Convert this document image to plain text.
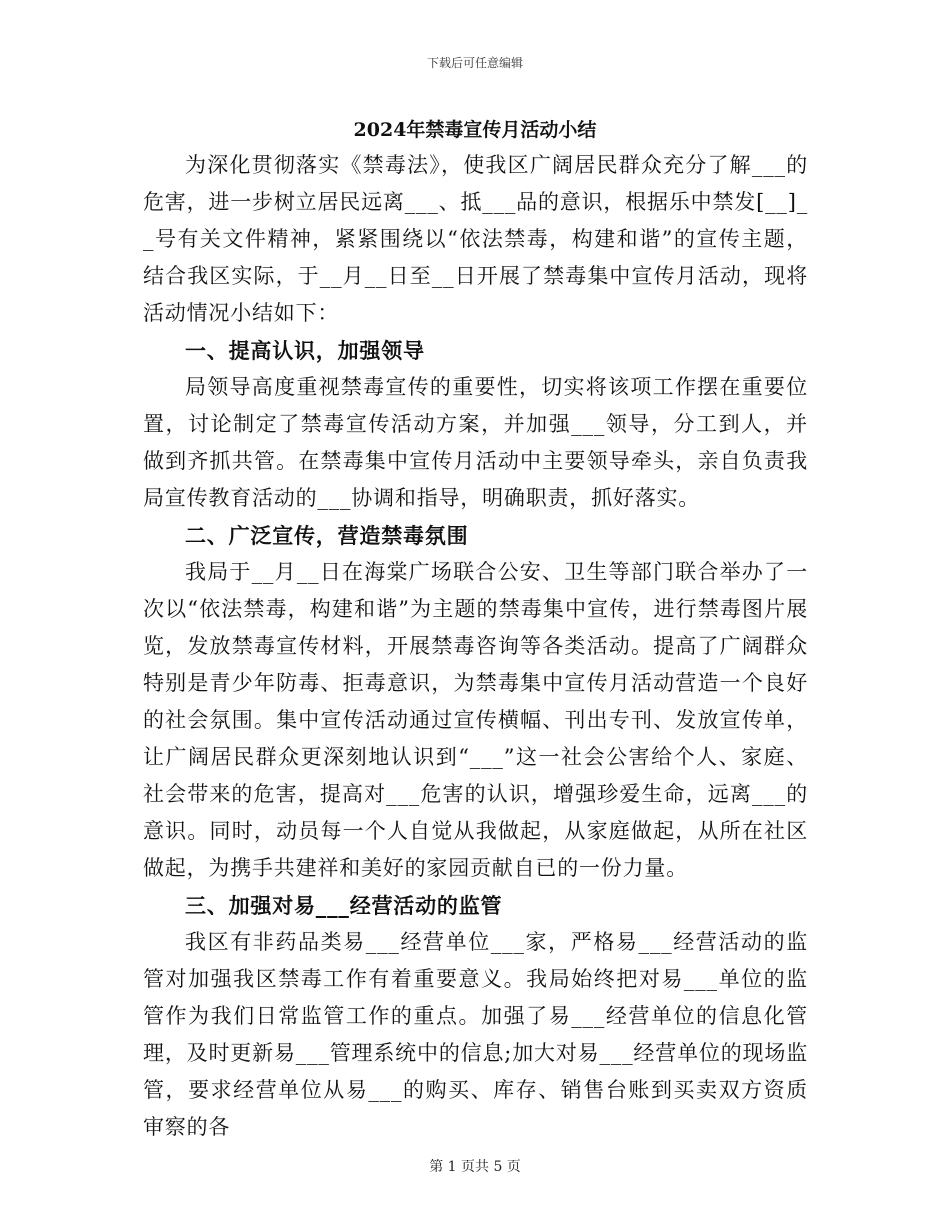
下载后可任意编辑
2024年禁毒宣传月活动小结

为深化贯彻落实《禁毒法》，使我区广阔居民群众充分了解___的危害，进一步树立居民远离___、抵___品的意识，根据乐中禁发[__]__号有关文件精神，紧紧围绕以“依法禁毒，构建和谐”的宣传主题，结合我区实际，于__月__日至__日开展了禁毒集中宣传月活动，现将活动情况小结如下：

一、提高认识，加强领导

局领导高度重视禁毒宣传的重要性，切实将该项工作摆在重要位置，讨论制定了禁毒宣传活动方案，并加强___领导，分工到人，并做到齐抓共管。在禁毒集中宣传月活动中主要领导牵头，亲自负责我局宣传教育活动的___协调和指导，明确职责，抓好落实。

二、广泛宣传，营造禁毒氛围

我局于__月__日在海棠广场联合公安、卫生等部门联合举办了一次以“依法禁毒，构建和谐”为主题的禁毒集中宣传，进行禁毒图片展览，发放禁毒宣传材料，开展禁毒咨询等各类活动。提高了广阔群众特别是青少年防毒、拒毒意识，为禁毒集中宣传月活动营造一个良好的社会氛围。集中宣传活动通过宣传横幅、刊出专刊、发放宣传单，让广阔居民群众更深刻地认识到“___”这一社会公害给个人、家庭、社会带来的危害，提高对___危害的认识，增强珍爱生命，远离___的意识。同时，动员每一个人自觉从我做起，从家庭做起，从所在社区做起，为携手共建祥和美好的家园贡献自已的一份力量。

三、加强对易___经营活动的监管

我区有非药品类易___经营单位___家，严格易___经营活动的监管对加强我区禁毒工作有着重要意义。我局始终把对易___单位的监管作为我们日常监管工作的重点。加强了易___经营单位的信息化管理，及时更新易___管理系统中的信息;加大对易___经营单位的现场监管，要求经营单位从易___的购买、库存、销售台账到买卖双方资质审察的各

第 1 页共 5 页
